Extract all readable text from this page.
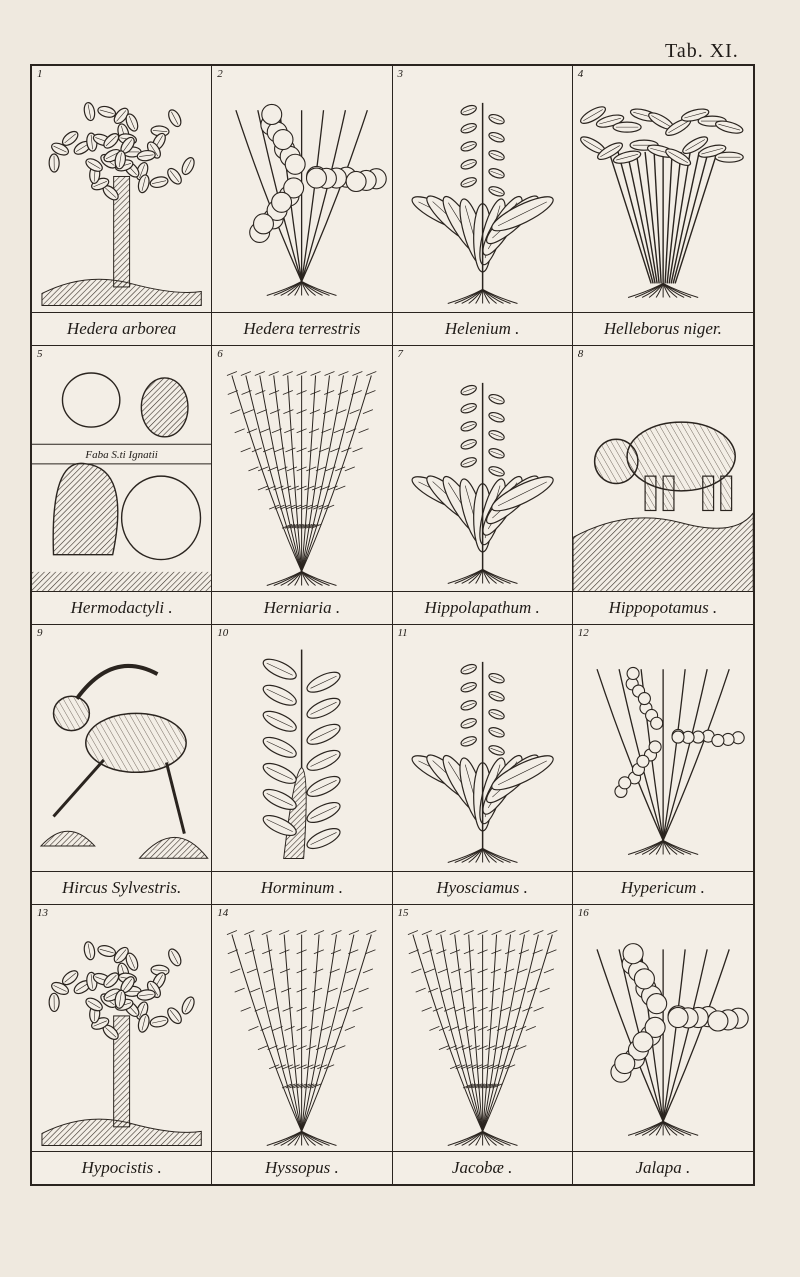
Tab. XI.
1
Hedera arborea
2
Hedera terrestris
3
Helenium .
4
Helleborus niger.
5
Faba S.ti Ignatii
Hermodactyli .
6
Herniaria .
7
Hippolapathum .
8
Hippopotamus .
9
Hircus Sylvestris.
10
Horminum .
11
Hyosciamus .
12
Hypericum .
13
Hypocistis .
14
Hyssopus .
15
Jacobæ .
16
Jalapa .
